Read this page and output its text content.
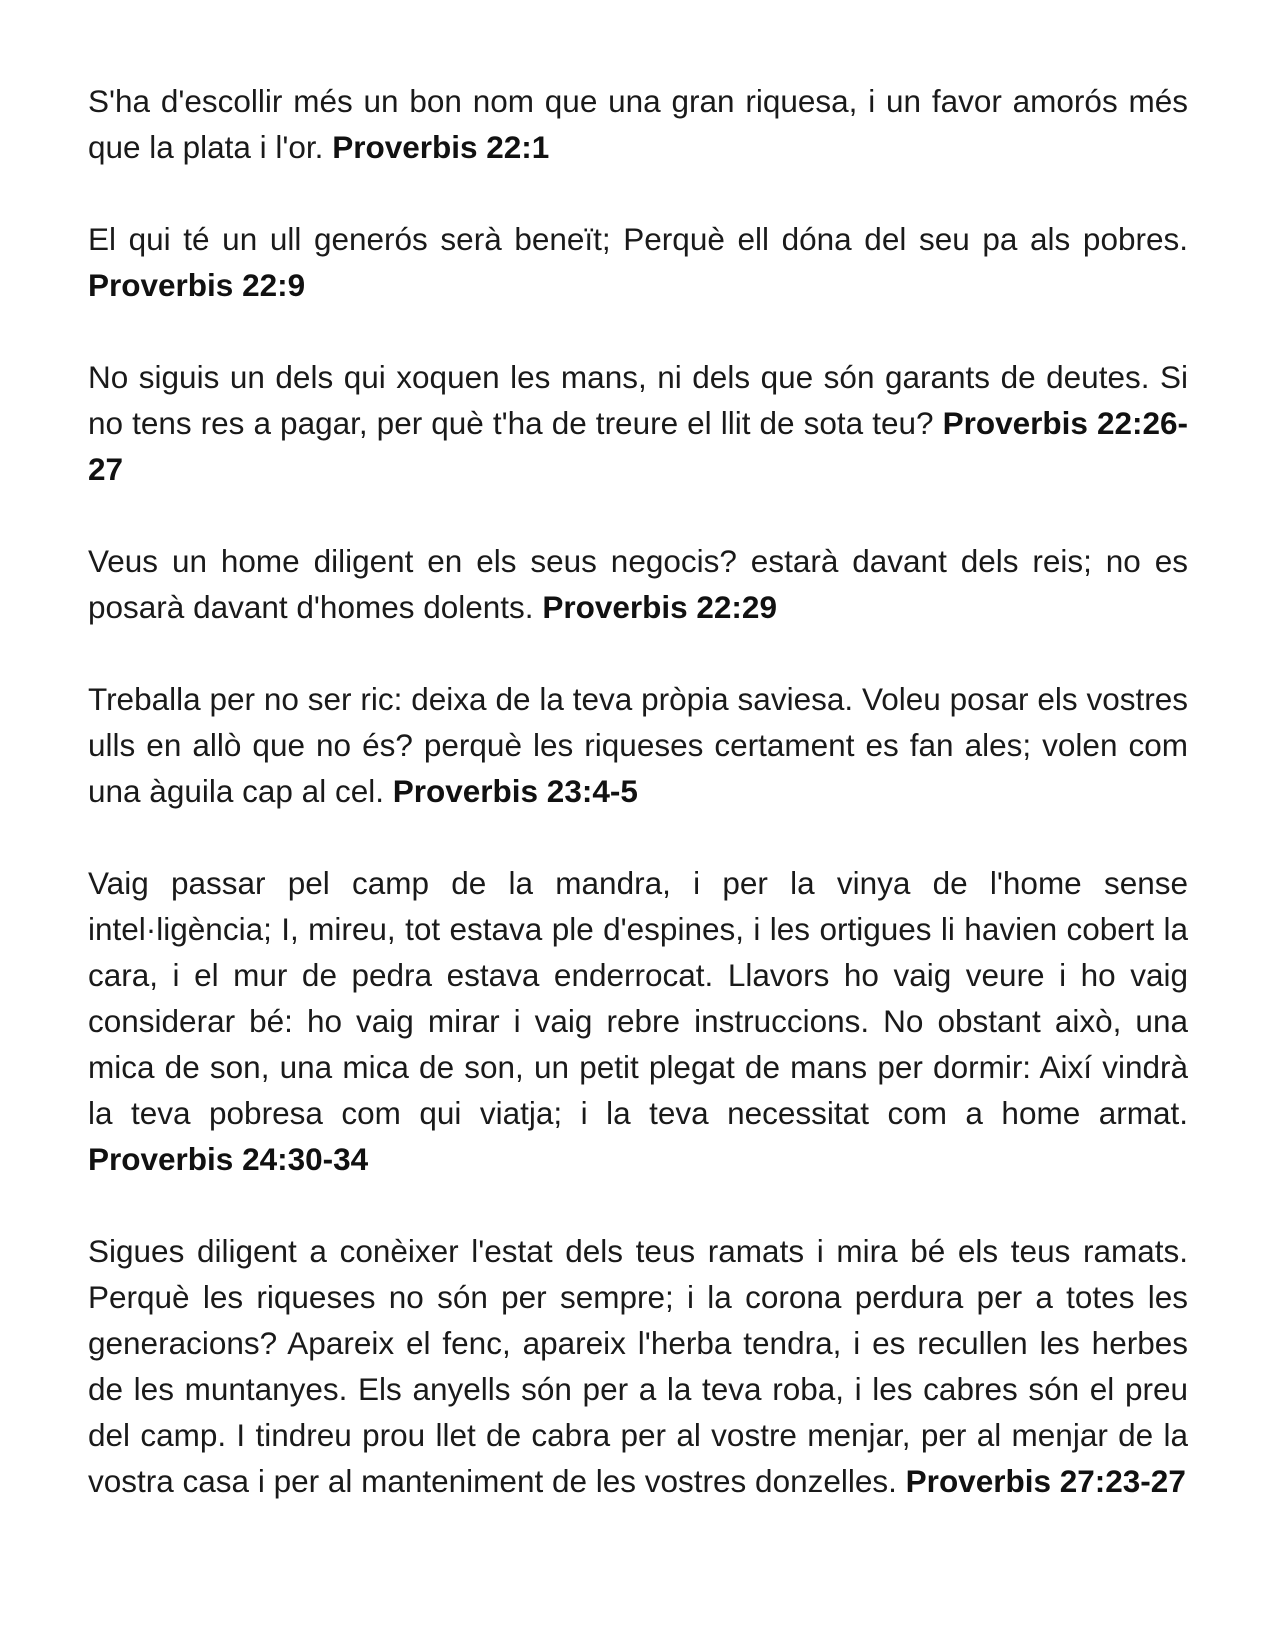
S'ha d'escollir més un bon nom que una gran riquesa, i un favor amorós més que la plata i l'or. Proverbis 22:1

El qui té un ull generós serà beneït; Perquè ell dóna del seu pa als pobres. Proverbis 22:9

No siguis un dels qui xoquen les mans, ni dels que són garants de deutes. Si no tens res a pagar, per què t'ha de treure el llit de sota teu? Proverbis 22:26-27

Veus un home diligent en els seus negocis? estarà davant dels reis; no es posarà davant d'homes dolents. Proverbis 22:29

Treballa per no ser ric: deixa de la teva pròpia saviesa. Voleu posar els vostres ulls en allò que no és? perquè les riqueses certament es fan ales; volen com una àguila cap al cel. Proverbis 23:4-5

Vaig passar pel camp de la mandra, i per la vinya de l'home sense intel·ligència; I, mireu, tot estava ple d'espines, i les ortigues li havien cobert la cara, i el mur de pedra estava enderrocat. Llavors ho vaig veure i ho vaig considerar bé: ho vaig mirar i vaig rebre instruccions. No obstant això, una mica de son, una mica de son, un petit plegat de mans per dormir: Així vindrà la teva pobresa com qui viatja; i la teva necessitat com a home armat. Proverbis 24:30-34

Sigues diligent a conèixer l'estat dels teus ramats i mira bé els teus ramats. Perquè les riqueses no són per sempre; i la corona perdura per a totes les generacions? Apareix el fenc, apareix l'herba tendra, i es recullen les herbes de les muntanyes. Els anyells són per a la teva roba, i les cabres són el preu del camp. I tindreu prou llet de cabra per al vostre menjar, per al menjar de la vostra casa i per al manteniment de les vostres donzelles. Proverbis 27:23-27
